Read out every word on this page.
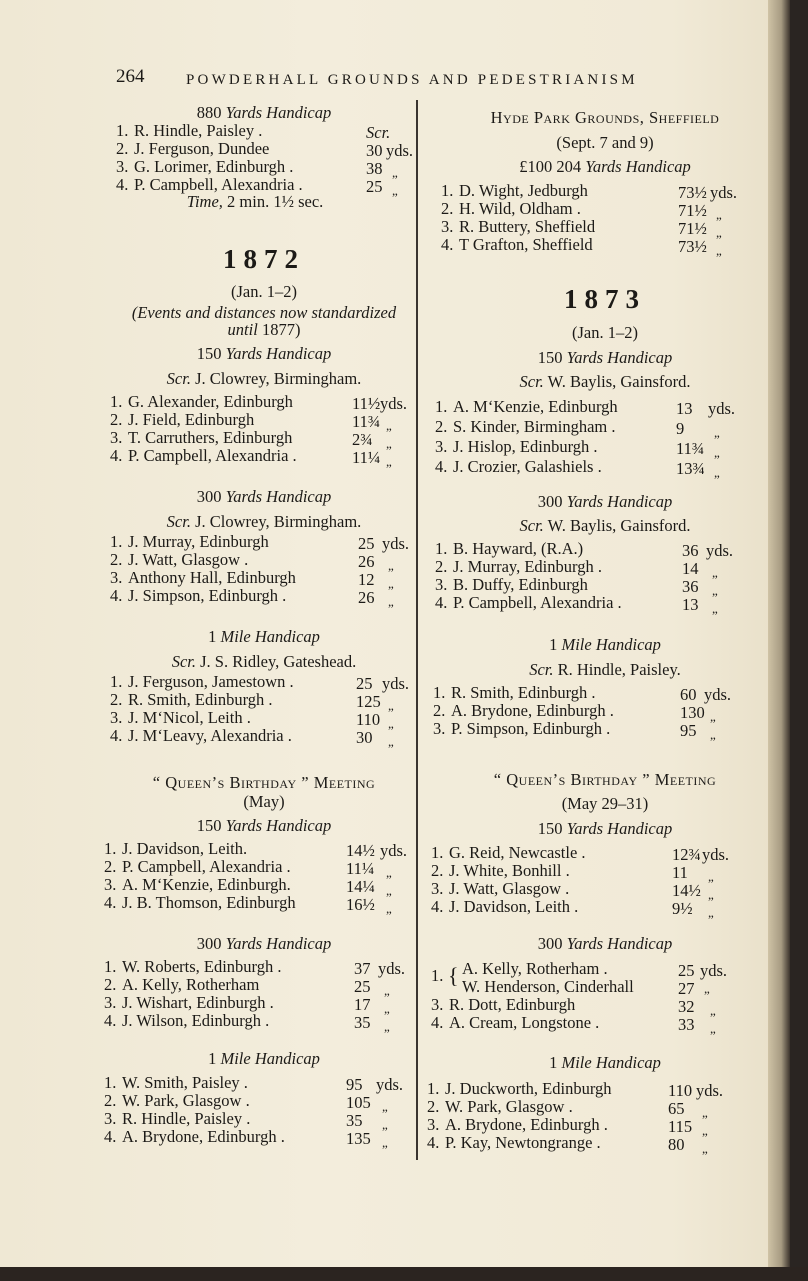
264	POWDERHALL GROUNDS AND PEDESTRIANISM
880 Yards Handicap
1. R. Hindle, Paisley .	Scr.
2. J. Ferguson, Dundee	30 yds.
3. G. Lorimer, Edinburgh .	38 „
4. P. Campbell, Alexandria .	25 „
Time, 2 min. 1½ sec.
1872
(Jan. 1–2)
(Events and distances now standardized
until 1877)
150 Yards Handicap
Scr. J. Clowrey, Birmingham.
1. G. Alexander, Edinburgh	11½ yds.
2. J. Field, Edinburgh	11¾ „
3. T. Carruthers, Edinburgh	2¾ „
4. P. Campbell, Alexandria .	11¼ „
300 Yards Handicap
Scr. J. Clowrey, Birmingham.
1. J. Murray, Edinburgh	25 yds.
2. J. Watt, Glasgow .	26 „
3. Anthony Hall, Edinburgh	12 „
4. J. Simpson, Edinburgh .	26 „
1 Mile Handicap
Scr. J. S. Ridley, Gateshead.
1. J. Ferguson, Jamestown .	25 yds.
2. R. Smith, Edinburgh .	125 „
3. J. M‘Nicol, Leith .	110 „
4. J. M‘Leavy, Alexandria .	30 „
“ Queen’s Birthday ” Meeting
(May)
150 Yards Handicap
1. J. Davidson, Leith.	14½ yds.
2. P. Campbell, Alexandria .	11¼ „
3. A. M‘Kenzie, Edinburgh.	14¼ „
4. J. B. Thomson, Edinburgh	16½ „
300 Yards Handicap
1. W. Roberts, Edinburgh .	37 yds.
2. A. Kelly, Rotherham	25 „
3. J. Wishart, Edinburgh .	17 „
4. J. Wilson, Edinburgh .	35 „
1 Mile Handicap
1. W. Smith, Paisley .	95 yds.
2. W. Park, Glasgow .	105 „
3. R. Hindle, Paisley .	35 „
4. A. Brydone, Edinburgh .	135 „
Hyde Park Grounds, Sheffield
(Sept. 7 and 9)
£100 204 Yards Handicap
1. D. Wight, Jedburgh	73½ yds.
2. H. Wild, Oldham .	71½ „
3. R. Buttery, Sheffield	71½ „
4. T Grafton, Sheffield	73½ „
1873
(Jan. 1–2)
150 Yards Handicap
Scr. W. Baylis, Gainsford.
1. A. M‘Kenzie, Edinburgh	13 yds.
2. S. Kinder, Birmingham .	9 „
3. J. Hislop, Edinburgh .	11¾ „
4. J. Crozier, Galashiels .	13¾ „
300 Yards Handicap
Scr. W. Baylis, Gainsford.
1. B. Hayward, (R.A.)	36 yds.
2. J. Murray, Edinburgh .	14 „
3. B. Duffy, Edinburgh	36 „
4. P. Campbell, Alexandria .	13 „
1 Mile Handicap
Scr. R. Hindle, Paisley.
1. R. Smith, Edinburgh .	60 yds.
2. A. Brydone, Edinburgh .	130 „
3. P. Simpson, Edinburgh .	95 „
“ Queen’s Birthday ” Meeting
(May 29–31)
150 Yards Handicap
1. G. Reid, Newcastle .	12¾ yds.
2. J. White, Bonhill .	11 „
3. J. Watt, Glasgow .	14½ „
4. J. Davidson, Leith .	9½ „
300 Yards Handicap
1. { A. Kelly, Rotherham .	25 yds.
W. Henderson, Cinderhall	27 „
3. R. Dott, Edinburgh	32 „
4. A. Cream, Longstone .	33 „
1 Mile Handicap
1. J. Duckworth, Edinburgh	110 yds.
2. W. Park, Glasgow .	65 „
3. A. Brydone, Edinburgh .	115 „
4. P. Kay, Newtongrange .	80 „
